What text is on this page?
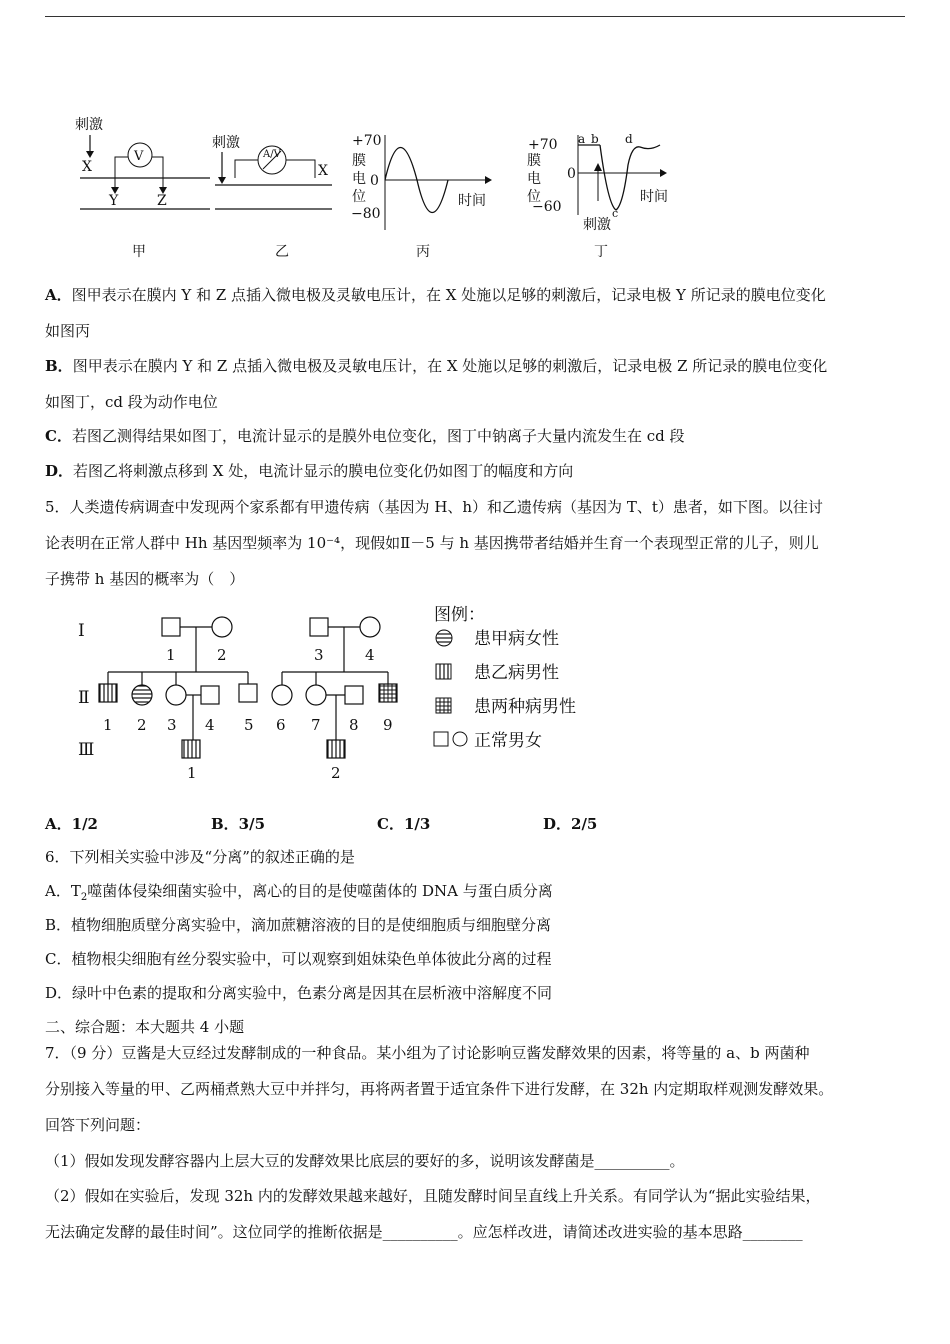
刺激
X
V
Y	Z
甲
刺激
A/V
X
乙
+70
0
−80
膜
电
位	时间
丙
+70
0
−60
膜
电
位
a b d
c
刺激
时间
丁
A．图甲表示在膜内 Y 和 Z 点插入微电极及灵敏电压计，在 X 处施以足够的刺激后，记录电极 Y 所记录的膜电位变化
如图丙
B．图甲表示在膜内 Y 和 Z 点插入微电极及灵敏电压计，在 X 处施以足够的刺激后，记录电极 Z 所记录的膜电位变化
如图丁，cd 段为动作电位
C．若图乙测得结果如图丁，电流计显示的是膜外电位变化，图丁中钠离子大量内流发生在 cd 段
D．若图乙将刺激点移到 X 处，电流计显示的膜电位变化仍如图丁的幅度和方向
5．人类遗传病调查中发现两个家系都有甲遗传病（基因为 H、h）和乙遗传病（基因为 T、t）患者，如下图。以往讨
论表明在正常人群中 Hh 基因型频率为 10⁻⁴，现假如Ⅱ－5 与 h 基因携带者结婚并生育一个表现型正常的儿子，则儿
子携带 h 基因的概率为（　）
Ⅰ
Ⅱ
Ⅲ
1	2	3	4
1 2 3 4 5 6 7 8 9
1	2
图例：
患甲病女性
患乙病男性
患两种病男性
正常男女
A．1/2	B．3/5	C．1/3	D．2/5
6．下列相关实验中涉及“分离”的叙述正确的是
A．$T_2$噬菌体侵染细菌实验中，离心的目的是使噬菌体的 DNA 与蛋白质分离
B．植物细胞质壁分离实验中，滴加蔗糖溶液的目的是使细胞质与细胞壁分离
C．植物根尖细胞有丝分裂实验中，可以观察到姐妹染色单体彼此分离的过程
D．绿叶中色素的提取和分离实验中，色素分离是因其在层析液中溶解度不同
二、综合题：本大题共 4 小题
7．（9 分）豆酱是大豆经过发酵制成的一种食品。某小组为了讨论影响豆酱发酵效果的因素，将等量的 a、b 两菌种
分别接入等量的甲、乙两桶煮熟大豆中并拌匀，再将两者置于适宜条件下进行发酵，在 32h 内定期取样观测发酵效果。
回答下列问题：
（1）假如发现发酵容器内上层大豆的发酵效果比底层的要好的多，说明该发酵菌是__________。
（2）假如在实验后，发现 32h 内的发酵效果越来越好，且随发酵时间呈直线上升关系。有同学认为“据此实验结果，
无法确定发酵的最佳时间”。这位同学的推断依据是__________。应怎样改进，请简述改进实验的基本思路________
